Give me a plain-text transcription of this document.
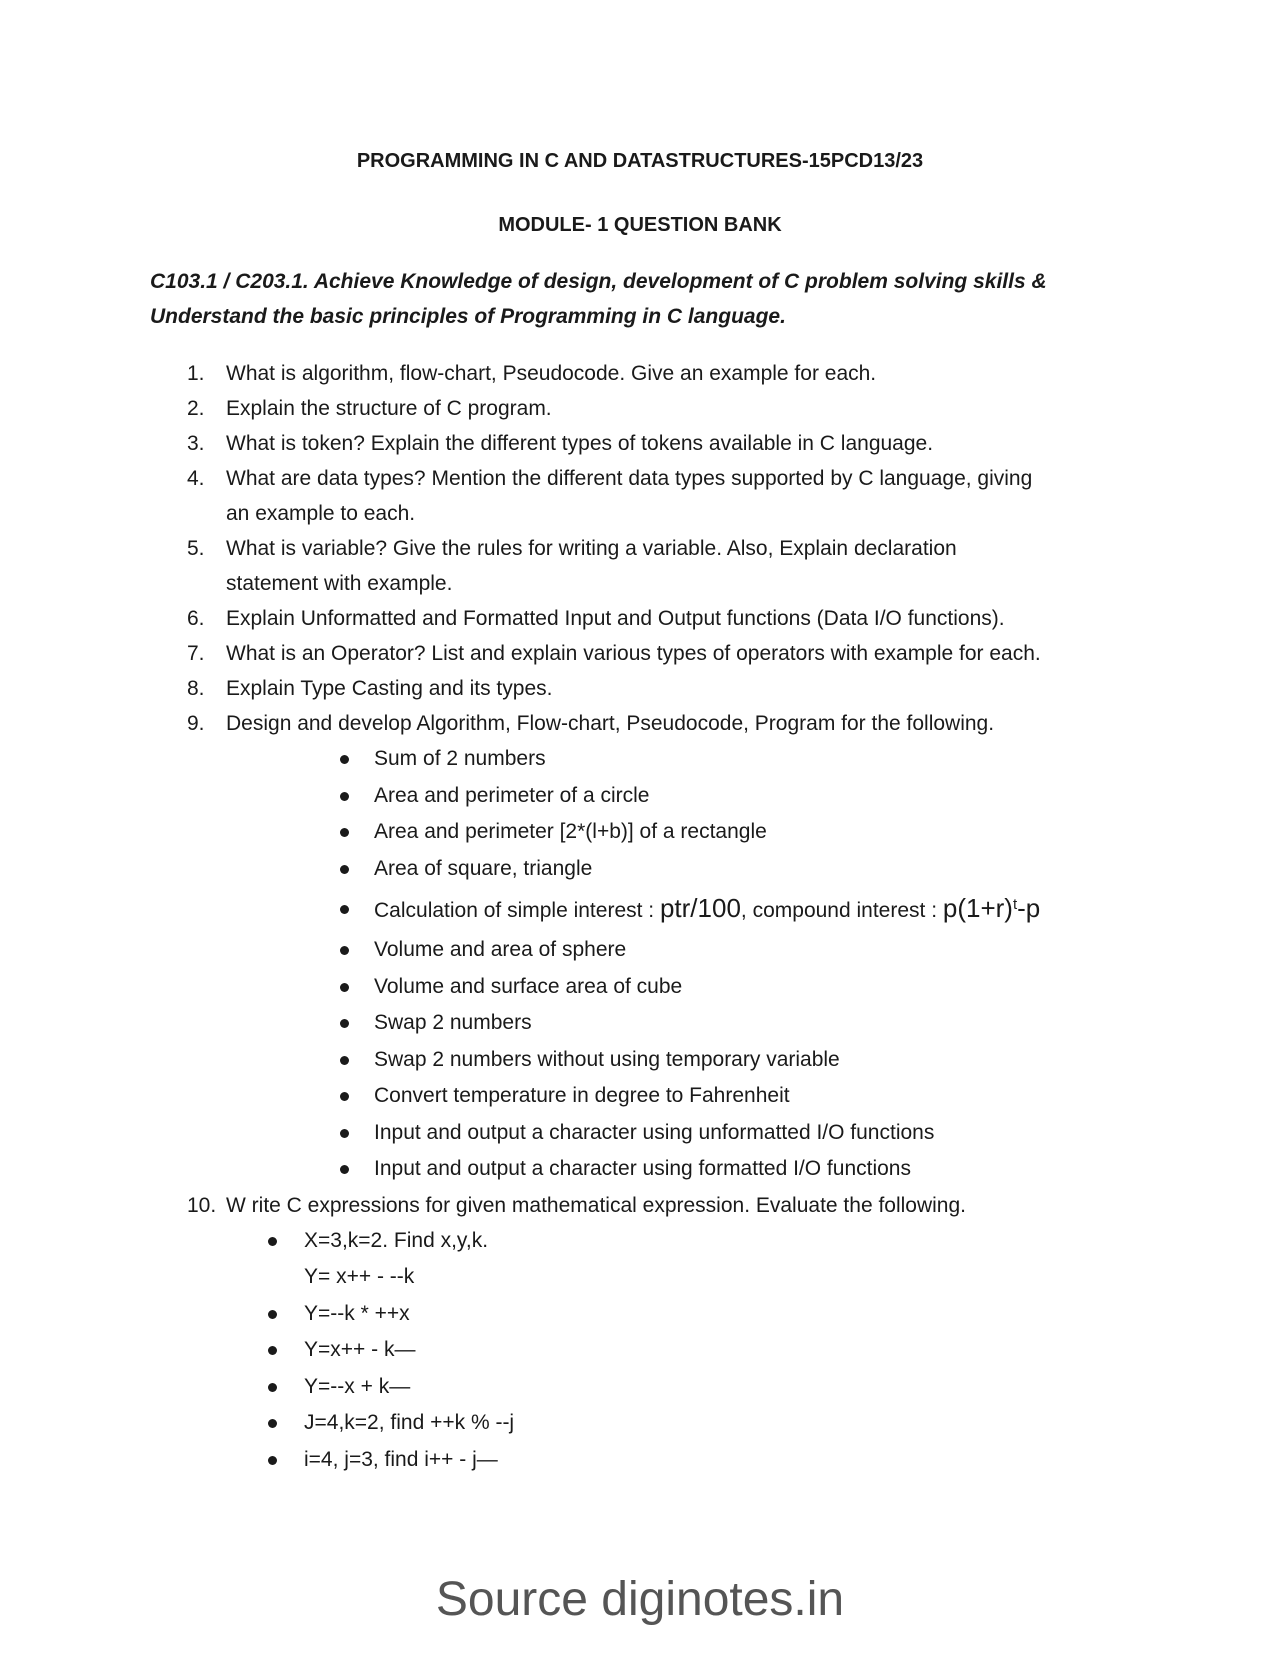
PROGRAMMING IN C AND DATASTRUCTURES-15PCD13/23

MODULE- 1 QUESTION BANK

C103.1 / C203.1. Achieve Knowledge of design, development of C problem solving skills &
Understand the basic principles of Programming in C language.
1. What is algorithm, flow-chart, Pseudocode. Give an example for each.
2. Explain the structure of C program.
3. What is token? Explain the different types of tokens available in C language.
4. What are data types? Mention the different data types supported by C language, giving
an example to each.
5. What is variable? Give the rules for writing a variable. Also, Explain declaration
statement with example.
6. Explain Unformatted and Formatted Input and Output functions (Data I/O functions).
7. What is an Operator? List and explain various types of operators with example for each.
8. Explain Type Casting and its types.
9. Design and develop Algorithm, Flow-chart, Pseudocode, Program for the following.
Sum of 2 numbers
Area and perimeter of a circle
Area and perimeter [2*(l+b)] of a rectangle
Area of square, triangle
Calculation of simple interest : ptr/100, compound interest : $p(1+r)^t-p$
Volume and area of sphere
Volume and surface area of cube
Swap 2 numbers
Swap 2 numbers without using temporary variable
Convert temperature in degree to Fahrenheit
Input and output a character using unformatted I/O functions
Input and output a character using formatted I/O functions
10. W rite C expressions for given mathematical expression. Evaluate the following.
X=3,k=2. Find x,y,k.
Y= x++ - --k
Y=--k * ++x
Y=x++ - k—
Y=--x + k—
J=4,k=2, find ++k % --j
i=4, j=3, find i++ - j—

Source diginotes.in
